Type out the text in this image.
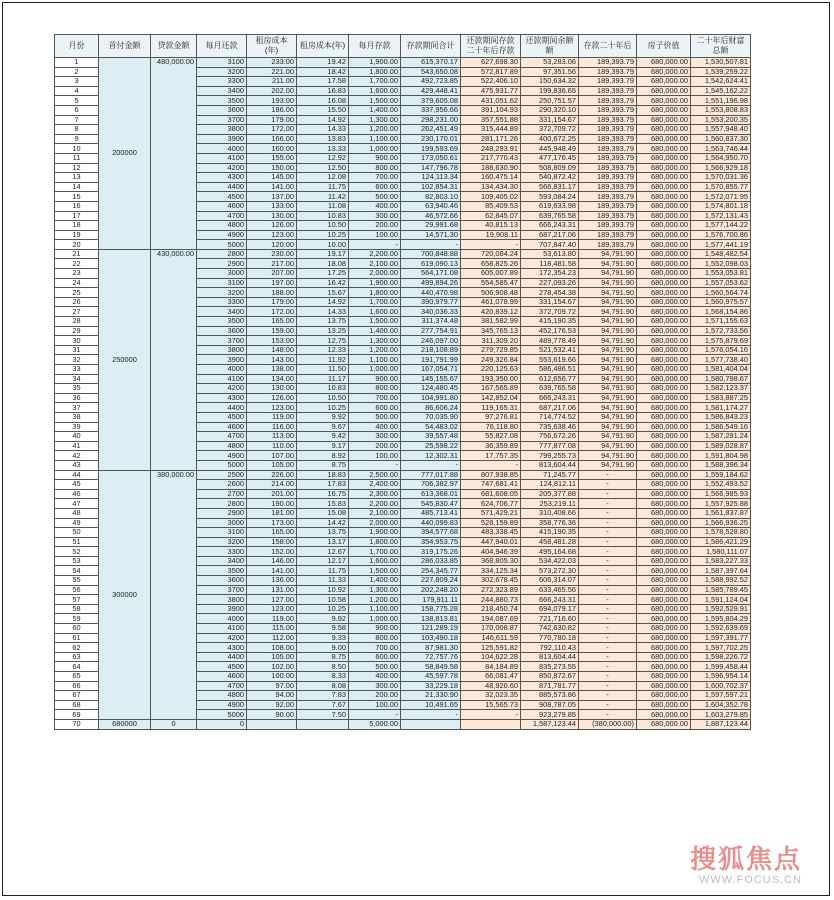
月份	首付金额	贷款金额	每月还款	租房成本(年)	租房成本(年)	每月存款	存款期间合计	还款期间存款 二十年后存款	还款期间余额 额	存款二十年后	房子价值	二十年后财富总额
1	200000	480,000.00	3100	233.00	19.42	1,900.00	615,370.17	627,698.30	53,283.06	189,393.79	680,000.00	1,530,507.81
2			3200	221.00	18.42	1,800.00	543,650.08	572,817.89	97,351.56	189,393.79	680,000.00	1,539,259.22
3			3300	211.00	17.58	1,700.00	492,723.85	522,406.10	150,634.32	189,393.79	680,000.00	1,542,624.41
4			3400	202.00	16.83	1,600.00	429,448.41	475,931.77	199,836.65	189,393.79	680,000.00	1,545,162.22
5			3500	193.00	16.08	1,500.00	379,605.08	431,051.62	250,751.57	189,393.79	680,000.00	1,551,196.98
6			3600	186.00	15.50	1,400.00	337,956.66	391,104.93	290,320.10	189,393.79	680,000.00	1,553,808.83
7			3700	179.00	14.92	1,300.00	298,231.00	357,551.88	331,154.67	189,393.79	680,000.00	1,553,200.35
8			3800	172.00	14.33	1,200.00	262,451.49	315,444.89	372,709.72	189,393.79	680,000.00	1,557,948.40
9			3900	166.00	13.83	1,100.00	230,170.01	281,171.26	400,672.25	189,393.79	680,000.00	1,560,837.30
10			4000	160.00	13.33	1,000.00	199,593.69	248,293.91	445,948.49	189,393.79	680,000.00	1,563,746.44
11			4100	155.00	12.92	900.00	173,050.61	217,770.43	477,176.45	189,393.79	680,000.00	1,564,950.70
12			4200	150.00	12.50	800.00	147,796.78	188,630.90	508,809.09	189,393.79	680,000.00	1,566,929.18
13			4300	145.00	12.08	700.00	124,113.34	160,475.14	540,872.42	189,393.79	680,000.00	1,570,031.36
14			4400	141.00	11.75	600.00	102,854.31	134,434.30	566,831.17	189,393.79	680,000.00	1,570,855.77
15			4500	137.00	11.42	500.00	82,803.10	109,405.02	593,084.24	189,393.79	680,000.00	1,572,071.95
16			4600	133.00	11.08	400.00	63,940.46	85,409.53	619,633.98	189,393.79	680,000.00	1,574,801.18
17			4700	130.00	10.83	300.00	46,572.66	62,845.07	639,765.58	189,393.79	680,000.00	1,572,131.43
18			4800	126.00	10.50	200.00	29,991.68	40,815.13	666,243.31	189,393.79	680,000.00	1,577,144.22
19			4900	123.00	10.25	100.00	14,571.30	19,908.11	687,217.06	189,393.79	680,000.00	1,576,700.86
20			5000	120.00	10.00	-	-	-	707,847.40	189,393.79	680,000.00	1,577,441.19
21	250000	430,000.00	2800	230.00	19.17	2,200.00	700,848.88	720,084.24	53,613.80	94,791.90	680,000.00	1,548,482.54
22			2900	217.00	18.08	2,100.00	619,090.13	658,825.26	118,481.58	94,791.90	680,000.00	1,552,098.03
23			3000	207.00	17.25	2,000.00	564,171.08	605,007.89	172,354.23	94,791.90	680,000.00	1,553,053.81
24			3100	197.00	16.42	1,900.00	499,894.26	554,585.47	227,093.26	94,791.90	680,000.00	1,557,053.62
25			3200	188.00	15.67	1,800.00	440,470.98	506,908.48	278,454.38	94,791.90	680,000.00	1,560,564.74
26			3300	179.00	14.92	1,700.00	390,979.77	461,078.99	331,154.67	94,791.90	680,000.00	1,560,975.57
27			3400	172.00	14.33	1,600.00	340,036.33	420,839.12	372,709.72	94,791.90	680,000.00	1,568,154.86
28			3500	165.00	13.75	1,500.00	311,374.48	381,582.99	415,190.35	94,791.90	680,000.00	1,571,155.63
29			3600	159.00	13.25	1,400.00	277,754.91	345,765.13	452,176.53	94,791.90	680,000.00	1,572,733.56
30			3700	153.00	12.75	1,300.00	246,097.00	311,309.20	489,778.49	94,791.90	680,000.00	1,575,879.69
31			3800	148.00	12.33	1,200.00	218,108.89	279,729.85	521,532.41	94,791.90	680,000.00	1,576,054.16
32			3900	143.00	11.92	1,100.00	191,791.99	249,326.84	553,619.66	94,791.90	680,000.00	1,577,738.40
33			4000	138.00	11.50	1,000.00	167,054.71	220,125.63	586,486.51	94,791.90	680,000.00	1,581,404.04
34			4100	134.00	11.17	900.00	145,155.67	193,350.00	612,656.77	94,791.90	680,000.00	1,580,798.67
35			4200	130.00	10.83	800.00	124,480.45	167,565.89	639,765.58	94,791.90	680,000.00	1,582,123.37
36			4300	126.00	10.50	700.00	104,991.80	142,852.04	666,243.31	94,791.90	680,000.00	1,583,887.25
37			4400	123.00	10.25	600.00	86,606.24	119,165.31	687,217.06	94,791.90	680,000.00	1,581,174.27
38			4500	119.00	9.92	500.00	70,035.90	97,276.81	714,774.52	94,791.90	680,000.00	1,586,843.23
39			4600	116.00	9.67	400.00	54,483.02	76,118.80	735,638.46	94,791.90	680,000.00	1,586,549.16
40			4700	113.00	9.42	300.00	39,557.48	55,827.08	756,672.26	94,791.90	680,000.00	1,587,291.24
41			4800	110.00	9.17	200.00	25,598.22	36,359.89	777,877.08	94,791.90	680,000.00	1,589,028.87
42			4900	107.00	8.92	100.00	12,302.31	17,757.35	799,255.73	94,791.90	680,000.00	1,591,804.98
43			5000	105.00	8.75	-	-	-	813,604.44	94,791.90	680,000.00	1,588,396.34
44	300000	380,000.00	2500	226.00	18.83	2,500.00	777,017.88	807,938.85	71,245.77	-	680,000.00	1,559,184.62
45			2600	214.00	17.83	2,400.00	706,382.97	747,681.41	124,812.11	-	680,000.00	1,552,493.52
46			2700	201.00	16.75	2,300.00	613,368.01	681,608.05	205,377.88	-	680,000.00	1,566,985.93
47			2800	190.00	15.83	2,200.00	545,830.47	624,706.77	253,219.11	-	680,000.00	1,557,925.88
48			2900	181.00	15.08	2,100.00	485,713.41	571,429.21	310,408.66	-	680,000.00	1,561,837.87
49			3000	173.00	14.42	2,000.00	440,099.83	528,159.89	358,776.36	-	680,000.00	1,566,936.25
50			3100	165.00	13.75	1,900.00	394,577.68	483,338.45	415,190.35	-	680,000.00	1,578,528.80
51			3200	158.00	13.17	1,800.00	354,953.75	447,940.01	458,481.28	-	680,000.00	1,586,421.29
52			3300	152.00	12.67	1,700.00	319,175.26	404,946.39	495,164.68	-	680,000.00	1,580,111.07
53			3400	146.00	12.17	1,600.00	286,033.85	368,805.30	534,422.03	-	680,000.00	1,583,227.33
54			3500	141.00	11.75	1,500.00	254,345.77	334,125.34	573,272.30	-	680,000.00	1,587,397.64
55			3600	136.00	11.33	1,400.00	227,809.24	302,678.45	606,314.07	-	680,000.00	1,588,992.52
56			3700	131.00	10.92	1,300.00	202,248.20	272,323.89	633,465.56	-	680,000.00	1,585,789.45
57			3800	127.00	10.58	1,200.00	179,911.11	244,880.73	666,243.31	-	680,000.00	1,591,124.04
58			3900	123.00	10.25	1,100.00	158,775.28	218,450.74	694,079.17	-	680,000.00	1,592,529.91
59			4000	119.00	9.92	1,000.00	138,813.81	194,087.69	721,716.60	-	680,000.00	1,595,804.29
60			4100	115.00	9.58	900.00	121,289.19	170,008.87	742,630.82	-	680,000.00	1,592,639.69
61			4200	112.00	9.33	800.00	103,490.18	146,611.59	770,780.18	-	680,000.00	1,597,391.77
62			4300	108.00	9.00	700.00	87,981.30	125,591.82	792,110.43	-	680,000.00	1,597,702.25
63			4400	105.00	8.75	600.00	72,757.76	104,622.28	813,604.44	-	680,000.00	1,598,226.72
64			4500	102.00	8.50	500.00	58,849.58	84,184.89	835,273.55	-	680,000.00	1,599,458.44
65			4600	100.00	8.33	400.00	45,597.78	66,081.47	850,872.67	-	680,000.00	1,596,954.14
66			4700	97.00	8.08	300.00	33,229.18	48,920.60	871,781.77	-	680,000.00	1,600,702.37
67			4800	94.00	7.83	200.00	21,330.90	32,023.35	885,573.86	-	680,000.00	1,597,597.21
68			4900	92.00	7.67	100.00	10,491.65	15,565.73	908,787.05	-	680,000.00	1,604,352.78
69			5000	90.00	7.50	-	-	-	923,279.85	-	680,000.00	1,603,279.85
70	680000	0	0			5,000.00			1,587,123.44	(380,000.00)	680,000.00	1,887,123.44
搜狐焦点
WWW.FOCUS.CN
